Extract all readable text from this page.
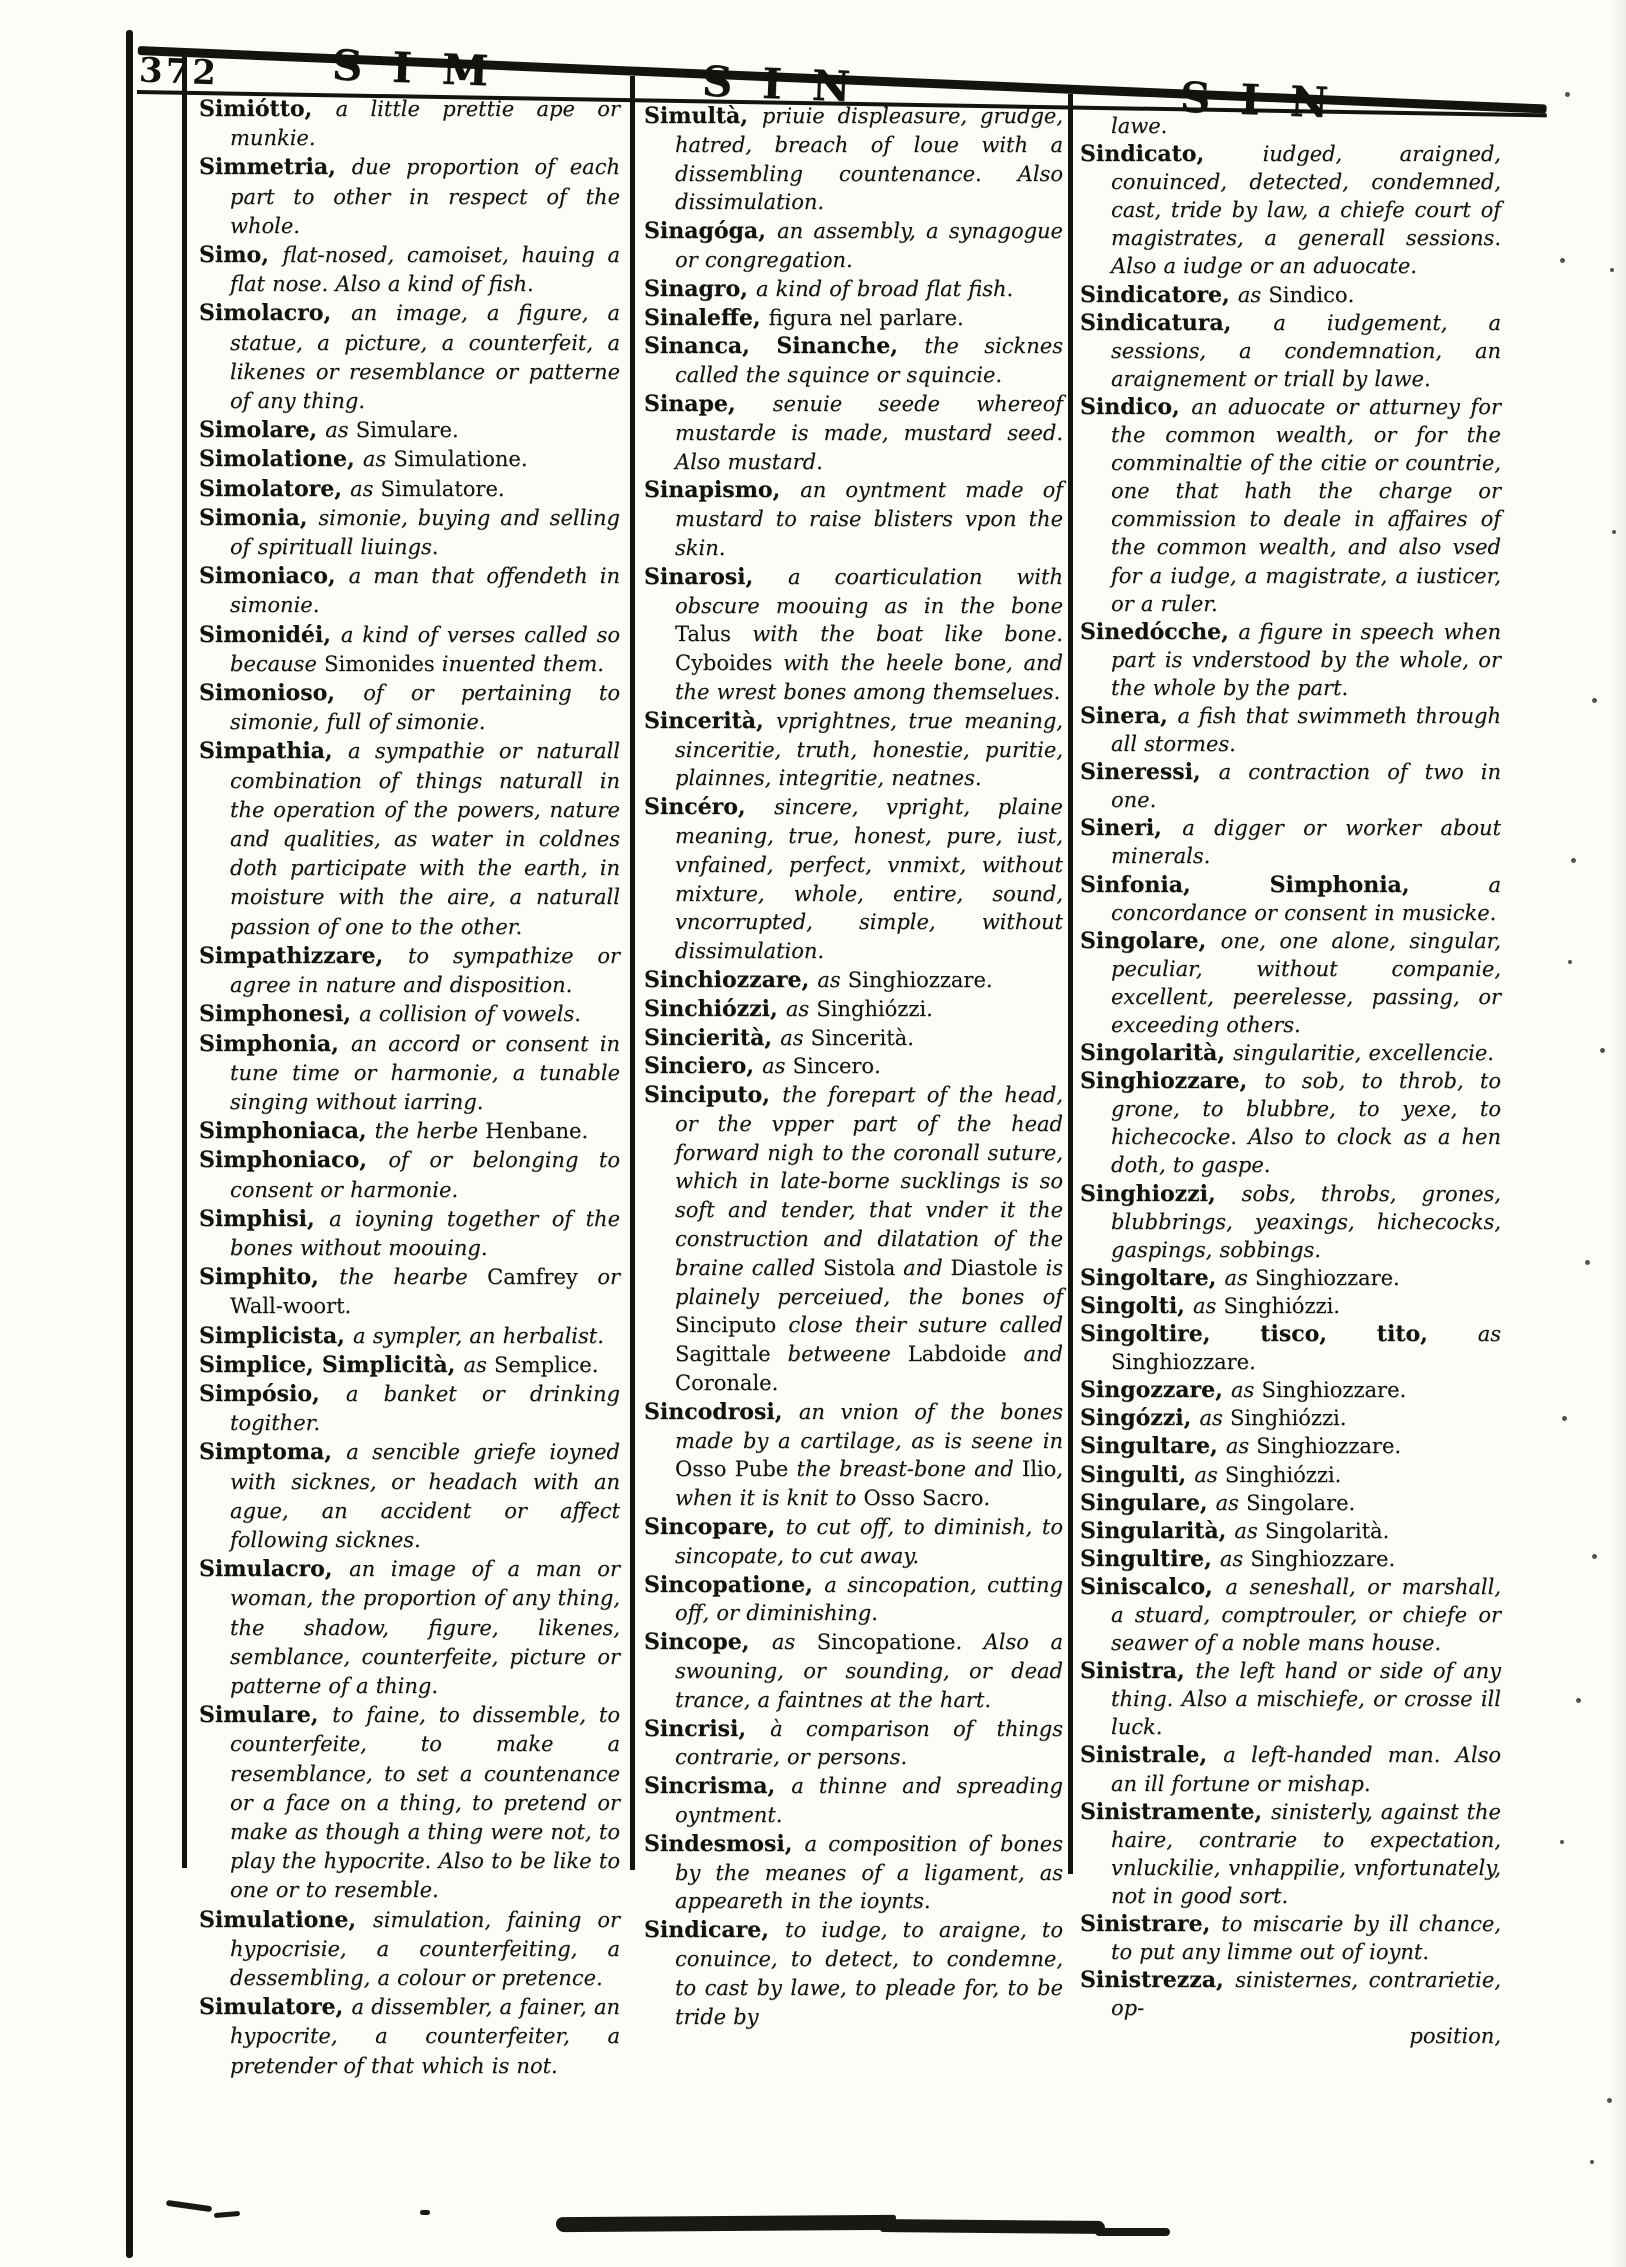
372	SIM	SIN	SIN

Simiótto, a little prettie ape or munkie.

Simmetria, due proportion of each part to other in respect of the whole.

Simo, flat-nosed, camoiset, hauing a flat nose. Also a kind of fish.

Simolacro, an image, a figure, a statue, a picture, a counterfeit, a likenes or resemblance or patterne of any thing.

Simolare, as Simulare.

Simolatione, as Simulatione.

Simolatore, as Simulatore.

Simonia, simonie, buying and selling of spirituall liuings.

Simoniaco, a man that offendeth in simonie.

Simonidéi, a kind of verses called so because Simonides inuented them.

Simonioso, of or pertaining to simonie, full of simonie.

Simpathia, a sympathie or naturall combination of things naturall in the operation of the powers, nature and qualities, as water in coldnes doth participate with the earth, in moisture with the aire, a naturall passion of one to the other.

Simpathizzare, to sympathize or agree in nature and disposition.

Simphonesi, a collision of vowels.

Simphonia, an accord or consent in tune time or harmonie, a tunable singing without iarring.

Simphoniaca, the herbe Henbane.

Simphoniaco, of or belonging to consent or harmonie.

Simphisi, a ioyning together of the bones without moouing.

Simphito, the hearbe Camfrey or Wall-woort.

Simplicista, a sympler, an herbalist.

Simplice, Simplicità, as Semplice.

Simpósio, a banket or drinking togither.

Simptoma, a sencible griefe ioyned with sicknes, or headach with an ague, an accident or affect following sicknes.

Simulacro, an image of a man or woman, the proportion of any thing, the shadow, figure, likenes, semblance, counterfeite, picture or patterne of a thing.

Simulare, to faine, to dissemble, to counterfeite, to make a resemblance, to set a countenance or a face on a thing, to pretend or make as though a thing were not, to play the hypocrite. Also to be like to one or to resemble.

Simulatione, simulation, faining or hypocrisie, a counterfeiting, a dessembling, a colour or pretence.

Simulatore, a dissembler, a fainer, an hypocrite, a counterfeiter, a pretender of that which is not.

Simultà, priuie displeasure, grudge, hatred, breach of loue with a dissembling countenance. Also dissimulation.

Sinagóga, an assembly, a synagogue or congregation.

Sinagro, a kind of broad flat fish.

Sinaleffe, figura nel parlare.

Sinanca, Sinanche, the sicknes called the squince or squincie.

Sinape, senuie seede whereof mustarde is made, mustard seed. Also mustard.

Sinapismo, an oyntment made of mustard to raise blisters vpon the skin.

Sinarosi, a coarticulation with obscure moouing as in the bone Talus with the boat like bone. Cyboides with the heele bone, and the wrest bones among themselues.

Sincerità, vprightnes, true meaning, sinceritie, truth, honestie, puritie, plainnes, integritie, neatnes.

Sincéro, sincere, vpright, plaine meaning, true, honest, pure, iust, vnfained, perfect, vnmixt, without mixture, whole, entire, sound, vncorrupted, simple, without dissimulation.

Sinchiozzare, as Singhiozzare.

Sinchiózzi, as Singhiózzi.

Sincierità, as Sincerità.

Sinciero, as Sincero.

Sinciputo, the forepart of the head, or the vpper part of the head forward nigh to the coronall suture, which in late-borne sucklings is so soft and tender, that vnder it the construction and dilatation of the braine called Sistola and Diastole is plainely perceiued, the bones of Sinciputo close their suture called Sagittale betweene Labdoide and Coronale.

Sincodrosi, an vnion of the bones made by a cartilage, as is seene in Osso Pube the breast-bone and Ilio, when it is knit to Osso Sacro.

Sincopare, to cut off, to diminish, to sincopate, to cut away.

Sincopatione, a sincopation, cutting off, or diminishing.

Sincope, as Sincopatione. Also a swouning, or sounding, or dead trance, a faintnes at the hart.

Sincrisi, à comparison of things contrarie, or persons.

Sincrisma, a thinne and spreading oyntment.

Sindesmosi, a composition of bones by the meanes of a ligament, as appeareth in the ioynts.

Sindicare, to iudge, to araigne, to conuince, to detect, to condemne, to cast by lawe, to pleade for, to be tride by

lawe.

Sindicato, iudged, araigned, conuinced, detected, condemned, cast, tride by law, a chiefe court of magistrates, a generall sessions. Also a iudge or an aduocate.

Sindicatore, as Sindico.

Sindicatura, a iudgement, a sessions, a condemnation, an araignement or triall by lawe.

Sindico, an aduocate or atturney for the common wealth, or for the comminaltie of the citie or countrie, one that hath the charge or commission to deale in affaires of the common wealth, and also vsed for a iudge, a magistrate, a iusticer, or a ruler.

Sinedócche, a figure in speech when part is vnderstood by the whole, or the whole by the part.

Sinera, a fish that swimmeth through all stormes.

Sineressi, a contraction of two in one.

Sineri, a digger or worker about minerals.

Sinfonia, Simphonia, a concordance or consent in musicke.

Singolare, one, one alone, singular, peculiar, without companie, excellent, peerelesse, passing, or exceeding others.

Singolarità, singularitie, excellencie.

Singhiozzare, to sob, to throb, to grone, to blubbre, to yexe, to hichecocke. Also to clock as a hen doth, to gaspe.

Singhiozzi, sobs, throbs, grones, blubbrings, yeaxings, hichecocks, gaspings, sobbings.

Singoltare, as Singhiozzare.

Singolti, as Singhiózzi.

Singoltire, tisco, tito, as Singhiozzare.

Singozzare, as Singhiozzare.

Singózzi, as Singhiózzi.

Singultare, as Singhiozzare.

Singulti, as Singhiózzi.

Singulare, as Singolare.

Singularità, as Singolarità.

Singultire, as Singhiozzare.

Siniscalco, a seneshall, or marshall, a stuard, comptrouler, or chiefe or seawer of a noble mans house.

Sinistra, the left hand or side of any thing. Also a mischiefe, or crosse ill luck.

Sinistrale, a left-handed man. Also an ill fortune or mishap.

Sinistramente, sinisterly, against the haire, contrarie to expectation, vnluckilie, vnhappilie, vnfortunately, not in good sort.

Sinistrare, to miscarie by ill chance, to put any limme out of ioynt.

Sinistrezza, sinisternes, contrarietie, op-

position,
